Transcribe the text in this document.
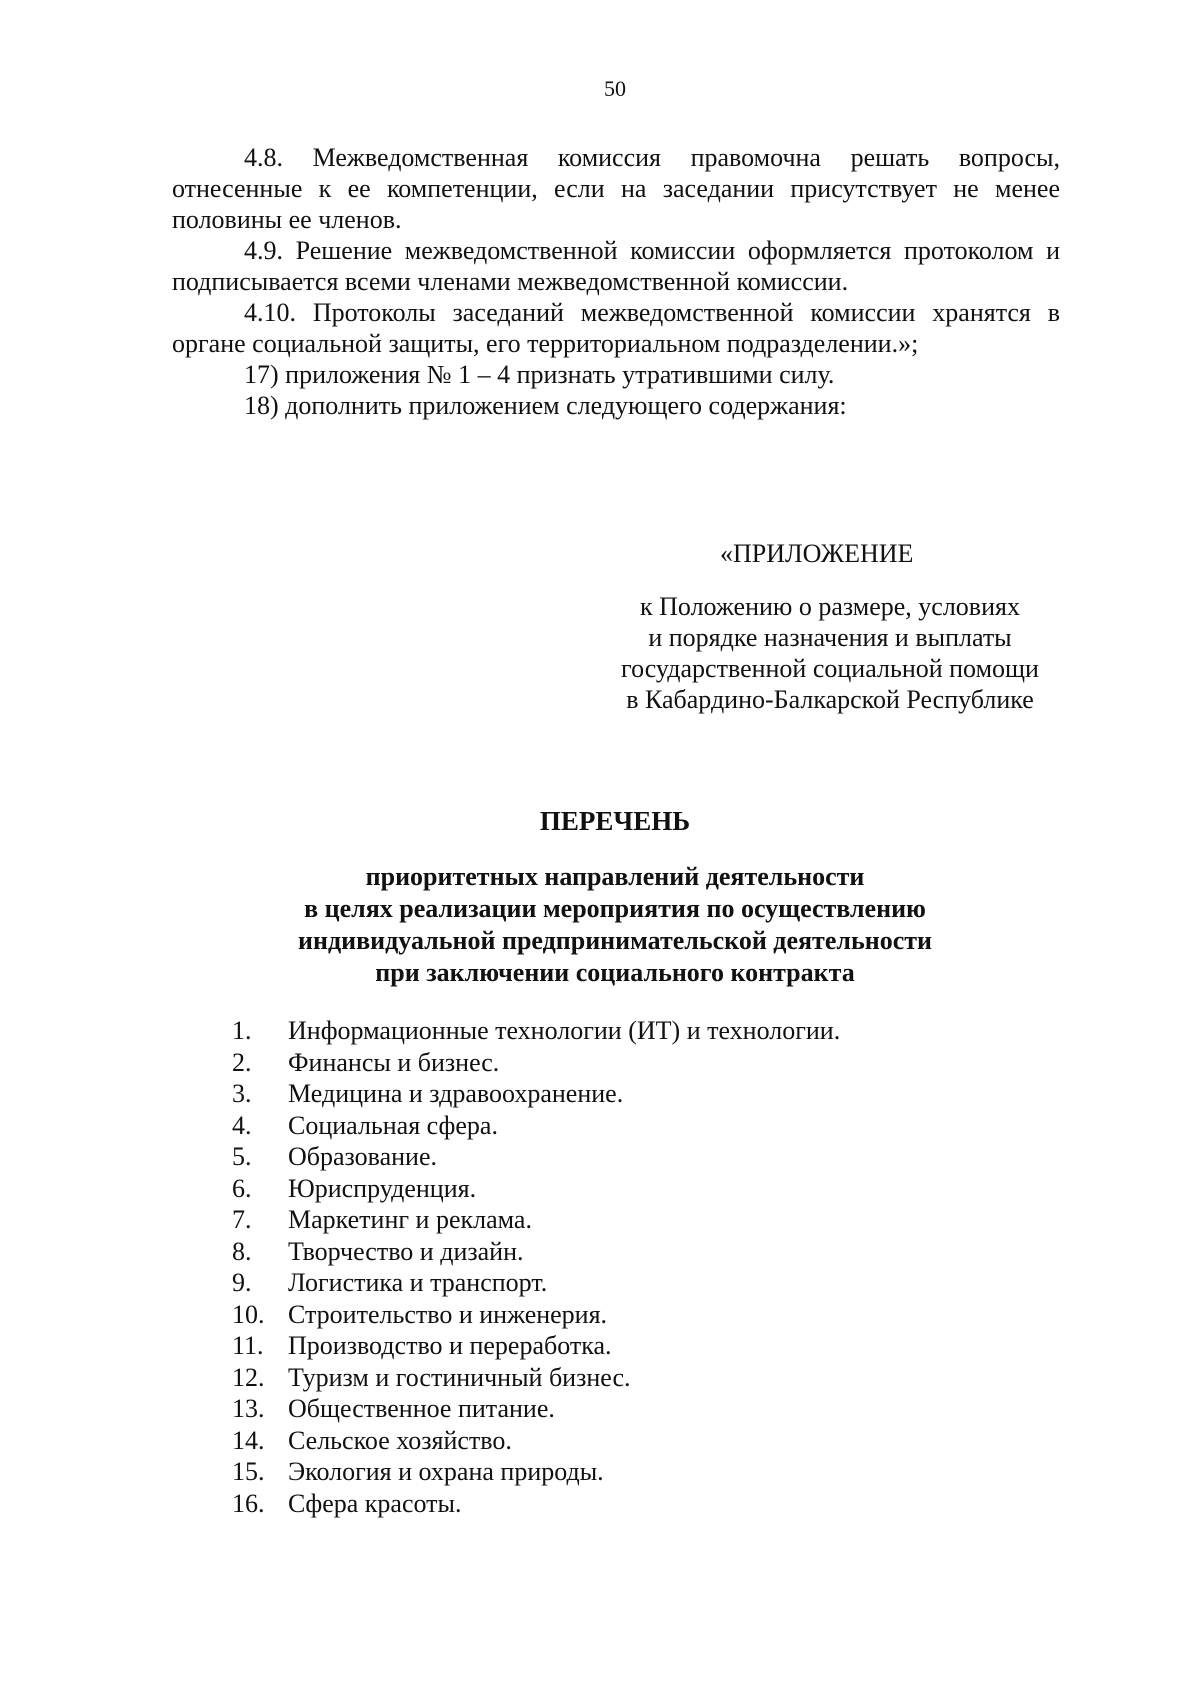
50

4.8. Межведомственная комиссия правомочна решать вопросы, отнесенные к ее компетенции, если на заседании присутствует не менее половины ее членов.

4.9. Решение межведомственной комиссии оформляется протоколом и подписывается всеми членами межведомственной комиссии.

4.10. Протоколы заседаний межведомственной комиссии хранятся в органе социальной защиты, его территориальном подразделении.»;

17) приложения № 1 – 4 признать утратившими силу.

18) дополнить приложением следующего содержания:

«ПРИЛОЖЕНИЕ

к Положению о размере, условиях

и порядке назначения и выплаты

государственной социальной помощи

в Кабардино-Балкарской Республике

ПЕРЕЧЕНЬ

приоритетных направлений деятельности

в целях реализации мероприятия по осуществлению

индивидуальной предпринимательской деятельности

при заключении социального контракта

1.	Информационные технологии (ИТ) и технологии.
2.	Финансы и бизнес.
3.	Медицина и здравоохранение.
4.	Социальная сфера.
5.	Образование.
6.	Юриспруденция.
7.	Маркетинг и реклама.
8.	Творчество и дизайн.
9.	Логистика и транспорт.
10. Строительство и инженерия.
11. Производство и переработка.
12. Туризм и гостиничный бизнес.
13. Общественное питание.
14. Сельское хозяйство.
15. Экология и охрана природы.
16. Сфера красоты.
